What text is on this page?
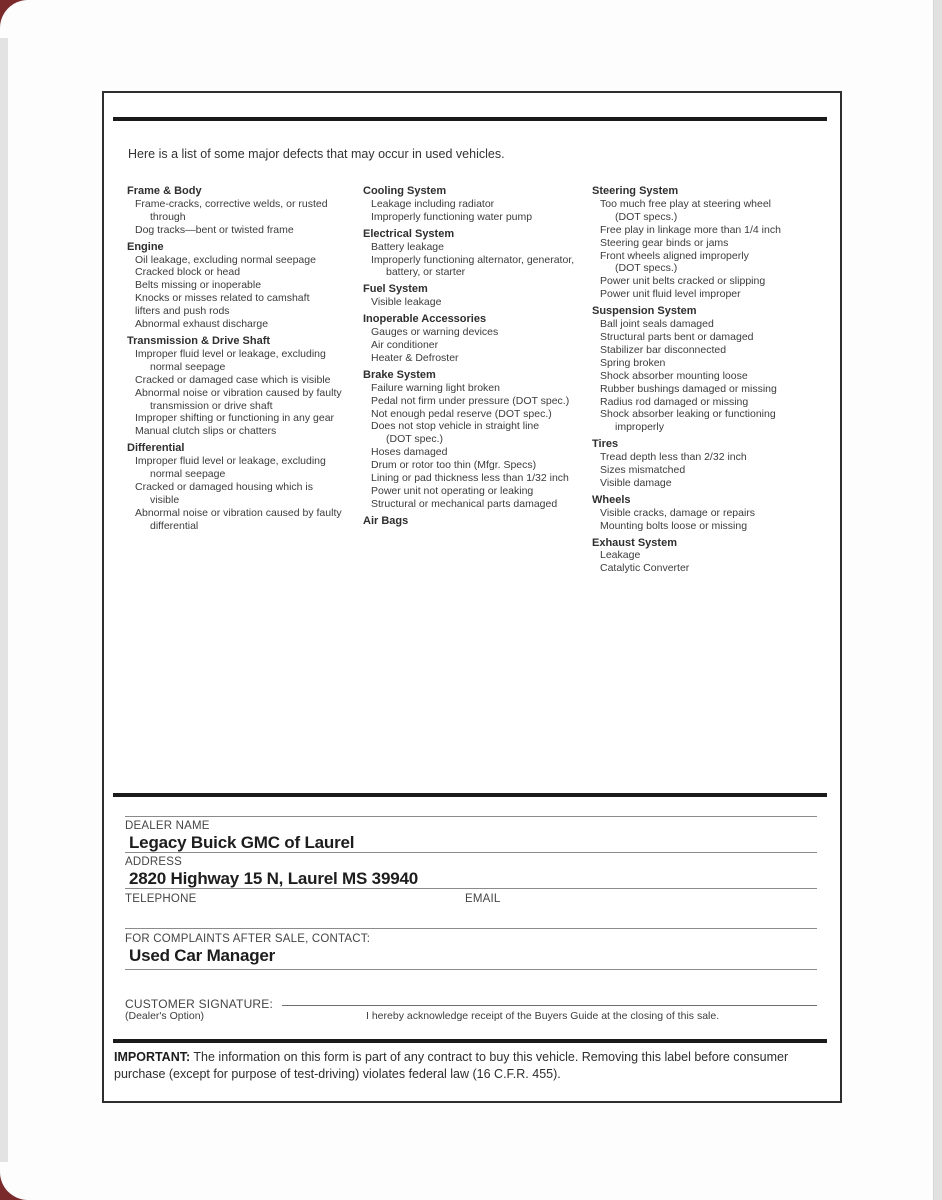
Here is a list of some major defects that may occur in used vehicles.

Frame & Body
Frame-cracks, corrective welds, or rusted
through
Dog tracks—bent or twisted frame
Engine
Oil leakage, excluding normal seepage
Cracked block or head
Belts missing or inoperable
Knocks or misses related to camshaft
lifters and push rods
Abnormal exhaust discharge
Transmission & Drive Shaft
Improper fluid level or leakage, excluding
normal seepage
Cracked or damaged case which is visible
Abnormal noise or vibration caused by faulty
transmission or drive shaft
Improper shifting or functioning in any gear
Manual clutch slips or chatters
Differential
Improper fluid level or leakage, excluding
normal seepage
Cracked or damaged housing which is
visible
Abnormal noise or vibration caused by faulty
differential
Cooling System
Leakage including radiator
Improperly functioning water pump
Electrical System
Battery leakage
Improperly functioning alternator, generator,
battery, or starter
Fuel System
Visible leakage
Inoperable Accessories
Gauges or warning devices
Air conditioner
Heater & Defroster
Brake System
Failure warning light broken
Pedal not firm under pressure (DOT spec.)
Not enough pedal reserve (DOT spec.)
Does not stop vehicle in straight line
(DOT spec.)
Hoses damaged
Drum or rotor too thin (Mfgr. Specs)
Lining or pad thickness less than 1/32 inch
Power unit not operating or leaking
Structural or mechanical parts damaged
Air Bags
Steering System
Too much free play at steering wheel
(DOT specs.)
Free play in linkage more than 1/4 inch
Steering gear binds or jams
Front wheels aligned improperly
(DOT specs.)
Power unit belts cracked or slipping
Power unit fluid level improper
Suspension System
Ball joint seals damaged
Structural parts bent or damaged
Stabilizer bar disconnected
Spring broken
Shock absorber mounting loose
Rubber bushings damaged or missing
Radius rod damaged or missing
Shock absorber leaking or functioning
improperly
Tires
Tread depth less than 2/32 inch
Sizes mismatched
Visible damage
Wheels
Visible cracks, damage or repairs
Mounting bolts loose or missing
Exhaust System
Leakage
Catalytic Converter
DEALER NAME
Legacy Buick GMC of Laurel
ADDRESS
2820 Highway 15 N, Laurel MS 39940
TELEPHONE	EMAIL
FOR COMPLAINTS AFTER SALE, CONTACT:
Used Car Manager
CUSTOMER SIGNATURE:
(Dealer's Option)	I hereby acknowledge receipt of the Buyers Guide at the closing of this sale.

IMPORTANT: The information on this form is part of any contract to buy this vehicle. Removing this label before consumer purchase (except for purpose of test-driving) violates federal law (16 C.F.R. 455).
